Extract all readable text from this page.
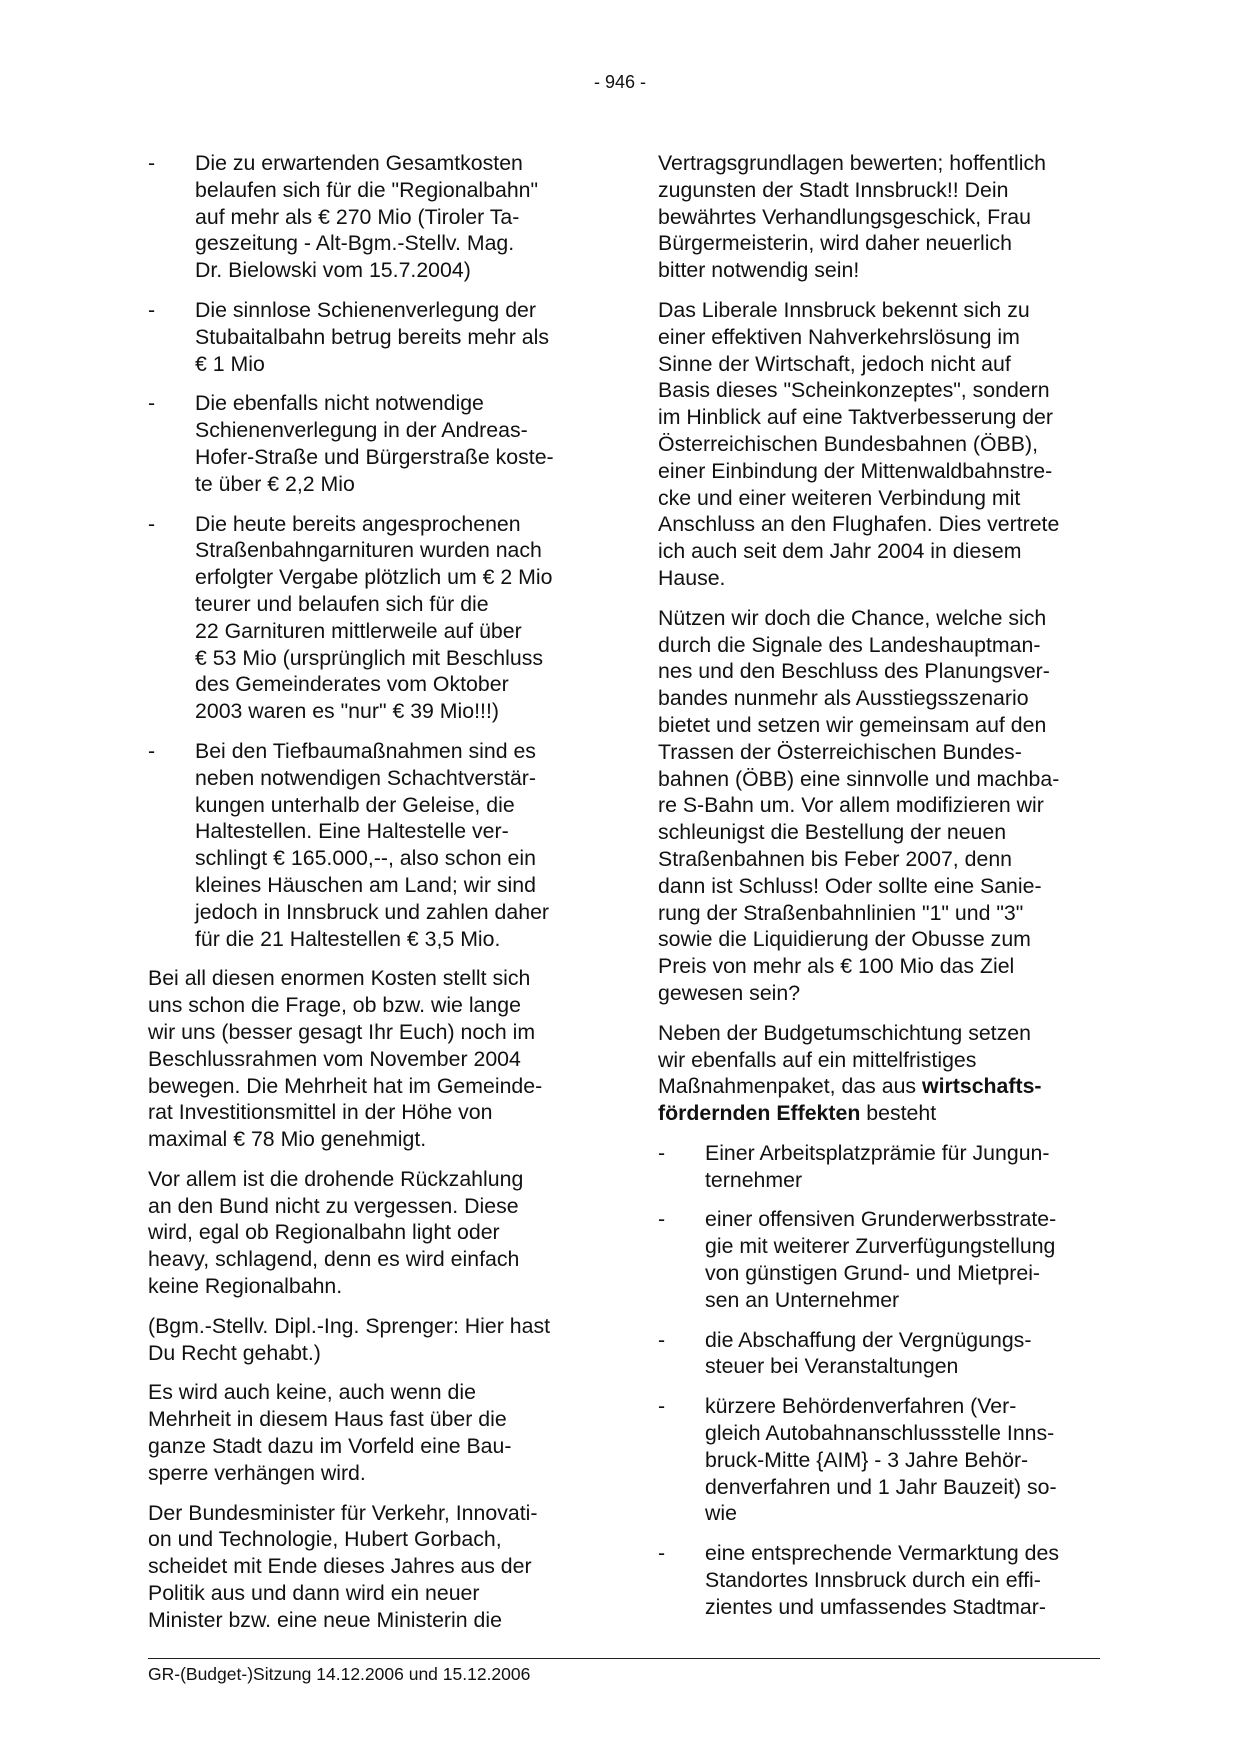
- 946 -
- Die zu erwartenden Gesamtkosten
belaufen sich für die "Regionalbahn"
auf mehr als € 270 Mio (Tiroler Ta-
geszeitung - Alt-Bgm.-Stellv. Mag.
Dr. Bielowski vom 15.7.2004)
- Die sinnlose Schienenverlegung der
Stubaitalbahn betrug bereits mehr als
€ 1 Mio
- Die ebenfalls nicht notwendige
Schienenverlegung in der Andreas-
Hofer-Straße und Bürgerstraße koste-
te über € 2,2 Mio
- Die heute bereits angesprochenen
Straßenbahngarnituren wurden nach
erfolgter Vergabe plötzlich um € 2 Mio
teurer und belaufen sich für die
22 Garnituren mittlerweile auf über
€ 53 Mio (ursprünglich mit Beschluss
des Gemeinderates vom Oktober
2003 waren es "nur" € 39 Mio!!!)
- Bei den Tiefbaumaßnahmen sind es
neben notwendigen Schachtverstär-
kungen unterhalb der Geleise, die
Haltestellen. Eine Haltestelle ver-
schlingt € 165.000,--, also schon ein
kleines Häuschen am Land; wir sind
jedoch in Innsbruck und zahlen daher
für die 21 Haltestellen € 3,5 Mio.

Bei all diesen enormen Kosten stellt sich
uns schon die Frage, ob bzw. wie lange
wir uns (besser gesagt Ihr Euch) noch im
Beschlussrahmen vom November 2004
bewegen. Die Mehrheit hat im Gemeinde-
rat Investitionsmittel in der Höhe von
maximal € 78 Mio genehmigt.

Vor allem ist die drohende Rückzahlung
an den Bund nicht zu vergessen. Diese
wird, egal ob Regionalbahn light oder
heavy, schlagend, denn es wird einfach
keine Regionalbahn.

(Bgm.-Stellv. Dipl.-Ing. Sprenger: Hier hast
Du Recht gehabt.)

Es wird auch keine, auch wenn die
Mehrheit in diesem Haus fast über die
ganze Stadt dazu im Vorfeld eine Bau-
sperre verhängen wird.

Der Bundesminister für Verkehr, Innovati-
on und Technologie, Hubert Gorbach,
scheidet mit Ende dieses Jahres aus der
Politik aus und dann wird ein neuer
Minister bzw. eine neue Ministerin die

Vertragsgrundlagen bewerten; hoffentlich
zugunsten der Stadt Innsbruck!! Dein
bewährtes Verhandlungsgeschick, Frau
Bürgermeisterin, wird daher neuerlich
bitter notwendig sein!

Das Liberale Innsbruck bekennt sich zu
einer effektiven Nahverkehrslösung im
Sinne der Wirtschaft, jedoch nicht auf
Basis dieses "Scheinkonzeptes", sondern
im Hinblick auf eine Taktverbesserung der
Österreichischen Bundesbahnen (ÖBB),
einer Einbindung der Mittenwaldbahnstre-
cke und einer weiteren Verbindung mit
Anschluss an den Flughafen. Dies vertrete
ich auch seit dem Jahr 2004 in diesem
Hause.

Nützen wir doch die Chance, welche sich
durch die Signale des Landeshauptman-
nes und den Beschluss des Planungsver-
bandes nunmehr als Ausstiegsszenario
bietet und setzen wir gemeinsam auf den
Trassen der Österreichischen Bundes-
bahnen (ÖBB) eine sinnvolle und machba-
re S-Bahn um. Vor allem modifizieren wir
schleunigst die Bestellung der neuen
Straßenbahnen bis Feber 2007, denn
dann ist Schluss! Oder sollte eine Sanie-
rung der Straßenbahnlinien "1" und "3"
sowie die Liquidierung der Obusse zum
Preis von mehr als € 100 Mio das Ziel
gewesen sein?

Neben der Budgetumschichtung setzen
wir ebenfalls auf ein mittelfristiges
Maßnahmenpaket, das aus wirtschafts-
fördernden Effekten besteht

- Einer Arbeitsplatzprämie für Jungun-
ternehmer
- einer offensiven Grunderwerbsstrate-
gie mit weiterer Zurverfügungstellung
von günstigen Grund- und Mietprei-
sen an Unternehmer
- die Abschaffung der Vergnügungs-
steuer bei Veranstaltungen
- kürzere Behördenverfahren (Ver-
gleich Autobahnanschlussstelle Inns-
bruck-Mitte {AIM} - 3 Jahre Behör-
denverfahren und 1 Jahr Bauzeit) so-
wie
- eine entsprechende Vermarktung des
Standortes Innsbruck durch ein effi-
zientes und umfassendes Stadtmar-
GR-(Budget-)Sitzung 14.12.2006 und 15.12.2006
